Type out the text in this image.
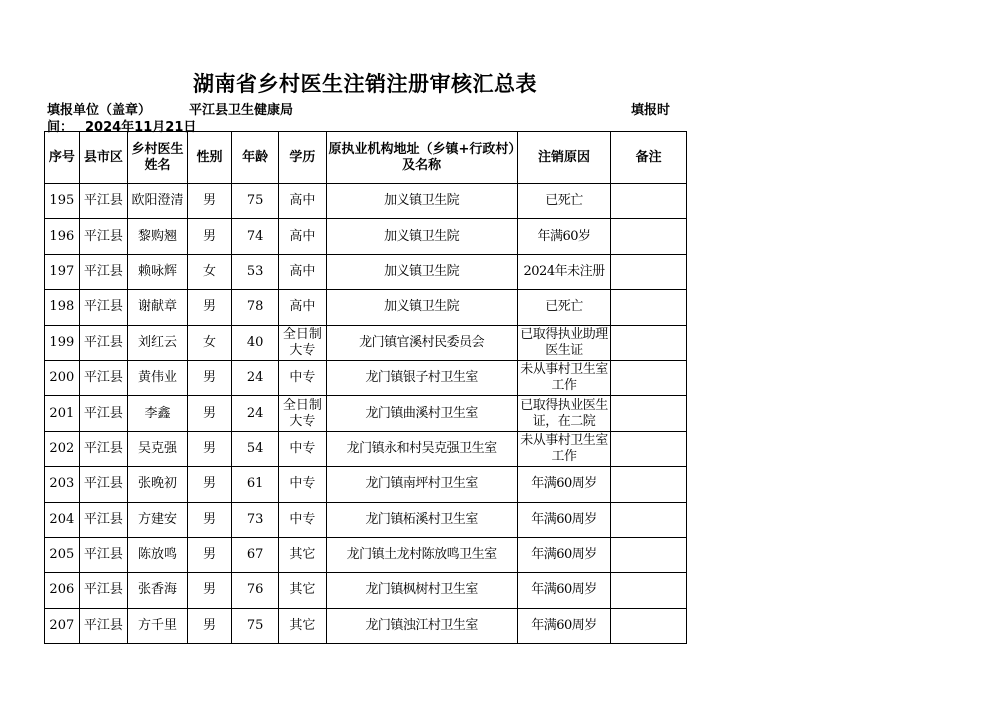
湖南省乡村医生注销注册审核汇总表
填报单位（盖章）	平江县卫生健康局	填报时
间： 2024年11月21日
序号	县市区	乡村医生姓名	性别	年龄	学历	原执业机构地址（乡镇+行政村）及名称	注销原因	备注
195	平江县	欧阳澄清	男	75	高中	加义镇卫生院	已死亡	
196	平江县	黎购翘	男	74	高中	加义镇卫生院	年满60岁	
197	平江县	赖咏辉	女	53	高中	加义镇卫生院	2024年未注册	
198	平江县	谢献章	男	78	高中	加义镇卫生院	已死亡	
199	平江县	刘红云	女	40	全日制大专	龙门镇官溪村民委员会	已取得执业助理医生证	
200	平江县	黄伟业	男	24	中专	龙门镇银子村卫生室	未从事村卫生室工作	
201	平江县	李鑫	男	24	全日制大专	龙门镇曲溪村卫生室	已取得执业医生证，在二院	
202	平江县	吴克强	男	54	中专	龙门镇永和村吴克强卫生室	未从事村卫生室工作	
203	平江县	张晚初	男	61	中专	龙门镇南坪村卫生室	年满60周岁	
204	平江县	方建安	男	73	中专	龙门镇柘溪村卫生室	年满60周岁	
205	平江县	陈放鸣	男	67	其它	龙门镇土龙村陈放鸣卫生室	年满60周岁	
206	平江县	张香海	男	76	其它	龙门镇枫树村卫生室	年满60周岁	
207	平江县	方千里	男	75	其它	龙门镇浊江村卫生室	年满60周岁	
